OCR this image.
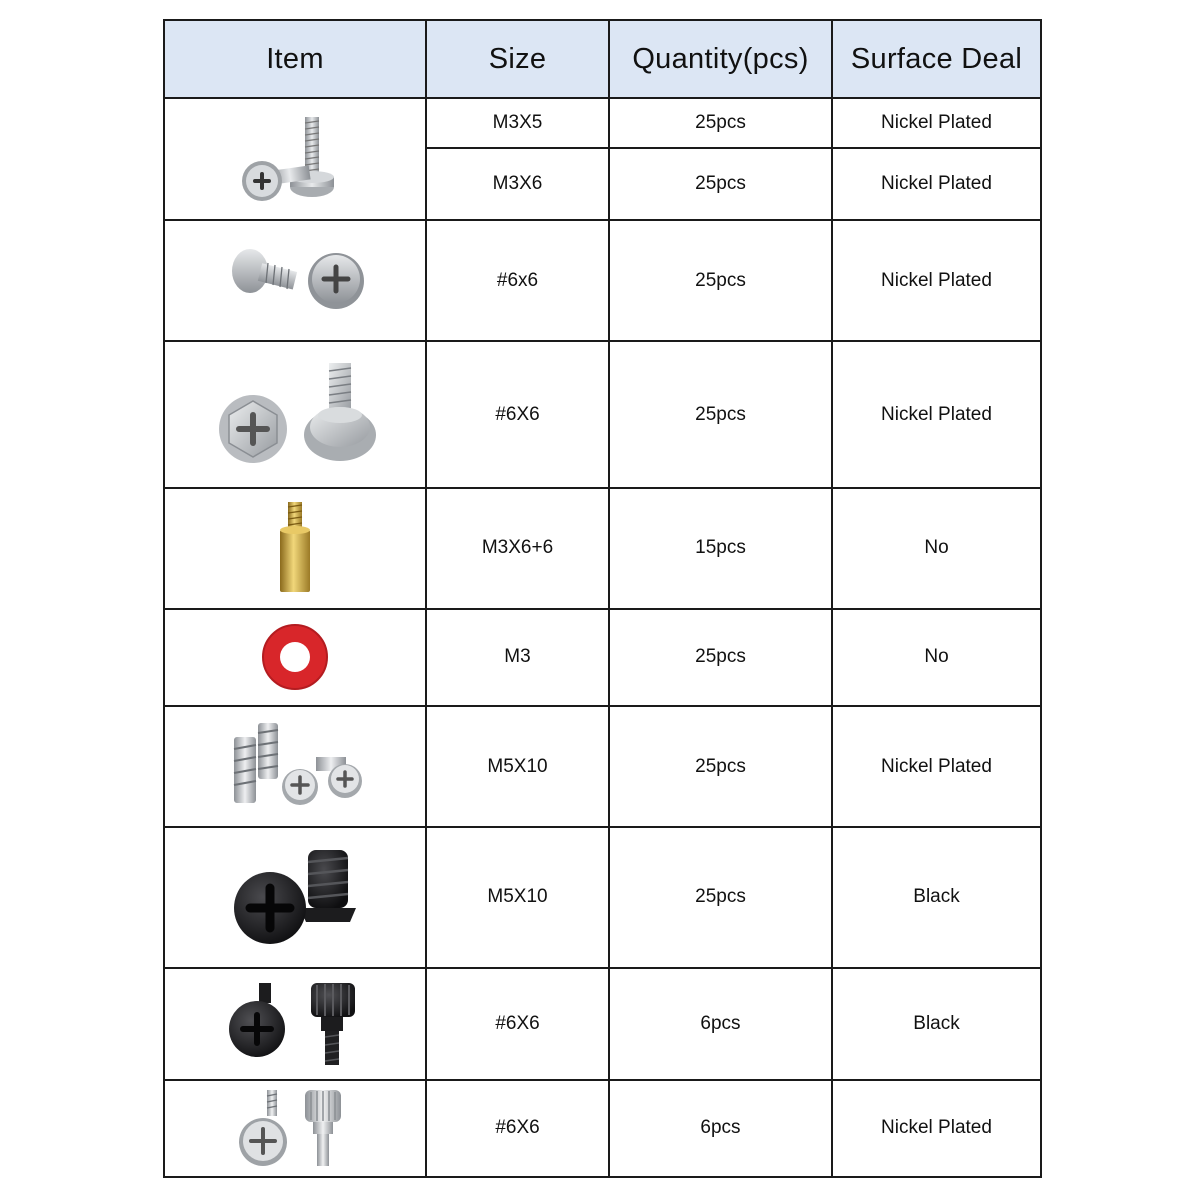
Item	Size	Quantity(pcs)	Surface Deal

	M3X5	25pcs	Nickel Plated
	M3X6	25pcs	Nickel Plated

	#6x6	25pcs	Nickel Plated

	#6X6	25pcs	Nickel Plated

	M3X6+6	15pcs	No

	M3	25pcs	No

	M5X10	25pcs	Nickel Plated

	M5X10	25pcs	Black

	#6X6	6pcs	Black

	#6X6	6pcs	Nickel Plated
